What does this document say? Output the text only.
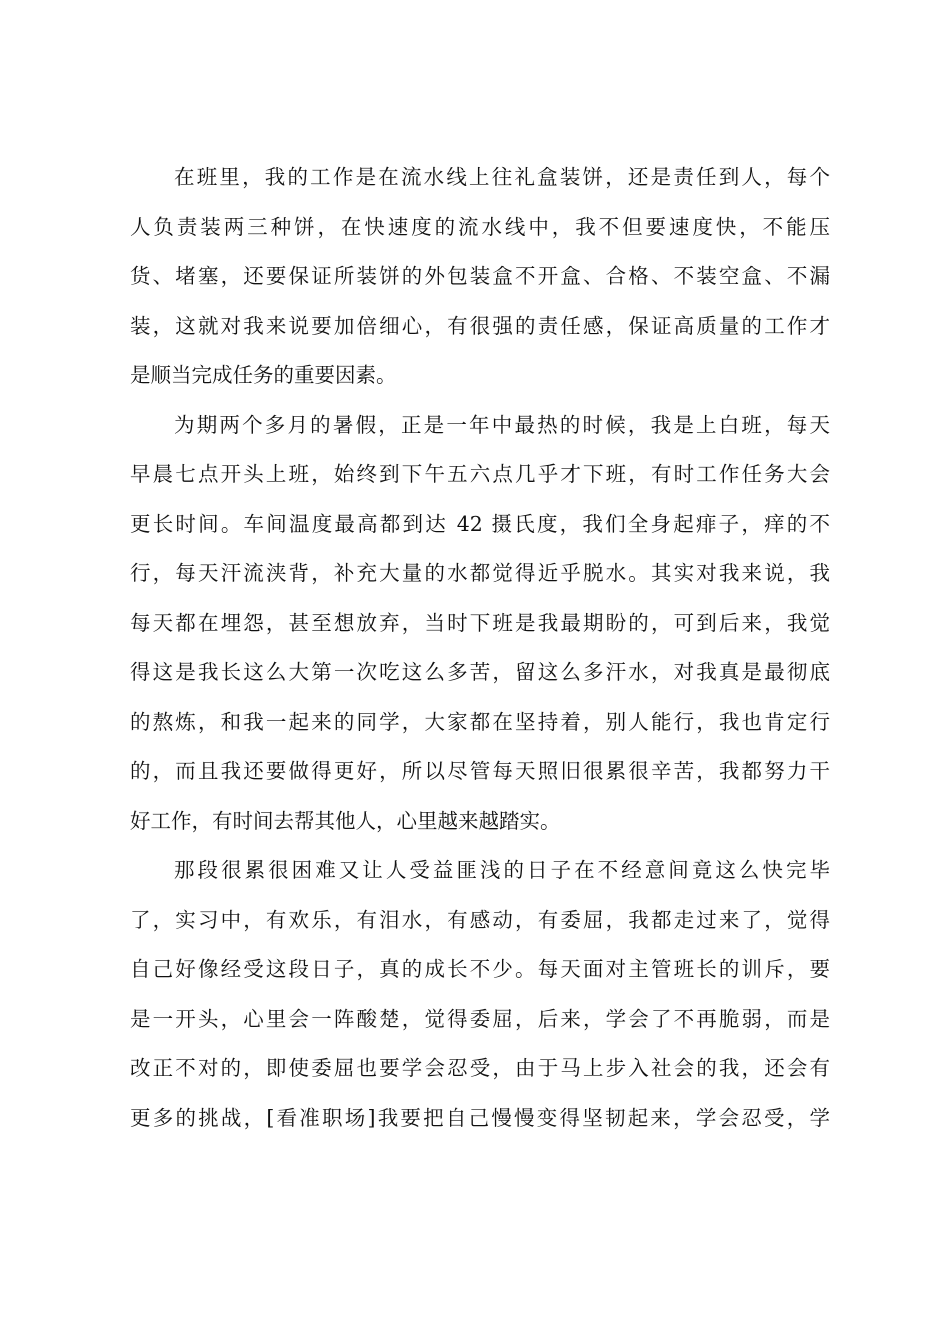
在班里，我的工作是在流水线上往礼盒装饼，还是责任到人，每个
人负责装两三种饼，在快速度的流水线中，我不但要速度快，不能压
货、堵塞，还要保证所装饼的外包装盒不开盒、合格、不装空盒、不漏
装，这就对我来说要加倍细心，有很强的责任感，保证高质量的工作才
是顺当完成任务的重要因素。
为期两个多月的暑假，正是一年中最热的时候，我是上白班，每天
早晨七点开头上班，始终到下午五六点几乎才下班，有时工作任务大会
更长时间。车间温度最高都到达 42 摄氏度，我们全身起痱子，痒的不
行，每天汗流浃背，补充大量的水都觉得近乎脱水。其实对我来说，我
每天都在埋怨，甚至想放弃，当时下班是我最期盼的，可到后来，我觉
得这是我长这么大第一次吃这么多苦，留这么多汗水，对我真是最彻底
的熬炼，和我一起来的同学，大家都在坚持着，别人能行，我也肯定行
的，而且我还要做得更好，所以尽管每天照旧很累很辛苦，我都努力干
好工作，有时间去帮其他人，心里越来越踏实。
那段很累很困难又让人受益匪浅的日子在不经意间竟这么快完毕
了，实习中，有欢乐，有泪水，有感动，有委屈，我都走过来了，觉得
自己好像经受这段日子，真的成长不少。每天面对主管班长的训斥，要
是一开头，心里会一阵酸楚，觉得委屈，后来，学会了不再脆弱，而是
改正不对的，即使委屈也要学会忍受，由于马上步入社会的我，还会有
更多的挑战，[看准职场]我要把自己慢慢变得坚韧起来，学会忍受，学
